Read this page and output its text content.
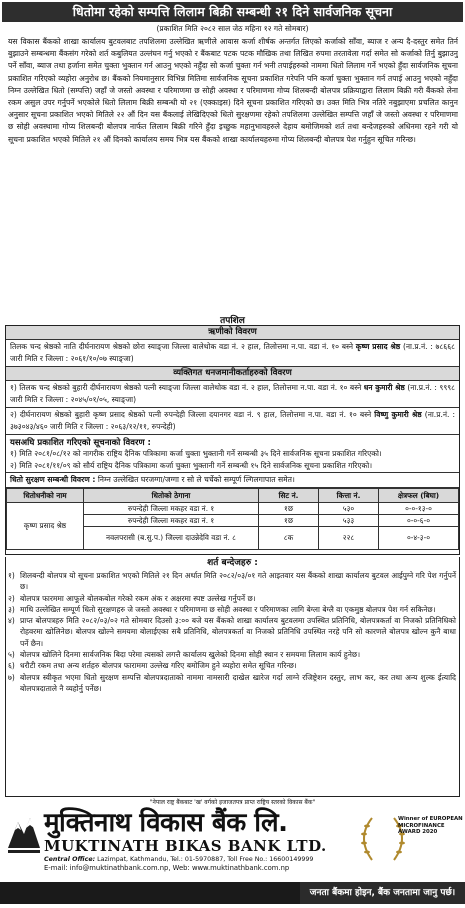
धितोमा रहेको सम्पत्ति लिलाम बिक्री सम्बन्धी २१ दिने सार्वजनिक सूचना
(प्रकाशित मिति २०८२ साल जेठ महिना १२ गते सोमबार)
यस विकास बैंकको शाखा कार्यालय बुटवलबाट तपशिलमा उल्लेखित ऋणीले आवास कर्जा शीर्षक अन्तर्गत लिएको कर्जाको साँवा, ब्याज र अन्य दै-दस्तुर समेत तिर्न बुझाउने सम्बन्धमा बैंकसंग गरेको शर्त कबुलियत उल्लंघन गर्नु भएको र बैंकबाट पटक पटक मौखिक तथा लिखित रुपमा तरतावेला गर्दा समेत सो कर्जाको तिर्नु बुझाउनु पर्ने साँवा, ब्याज तथा हर्जाना समेत चुक्ता भुक्तान गर्न आउनु भएको नहुँदा सो कर्जा चुक्ता गर्न भनी तपाईहरुको नाममा धितो लिलाम गर्ने भएको हुँदा सार्वजनिक सूचना प्रकाशित गरिएको व्यहोरा अनुरोध छ। बैंकको नियमानुसार विभिन्न मितिमा सार्वजनिक सूचना प्रकाशित गरेपनि पनि कर्जा चुक्ता भुक्तान गर्न तपाई आउनु भएको नहुँदा निम्न उल्लेखित धितो (सम्पत्ति) जहाँ जे जस्तो अवस्था र परिमाणमा छ सोही अवस्था र परिमाणमा गोप्य शिलबन्दी बोलपत्र प्रक्रियाद्वारा लिलाम बिक्री गरी बैंकको लेना रकम असुल उपर गर्नुपर्ने भएकोले धितो लिलाम बिक्री सम्बन्धी यो २१ (एक्काइस) दिने सूचना प्रकाशित गरिएको छ। उक्त मिति भित्र नतिरे नबुझाएमा प्रचलित कानुन अनुसार सूचना प्रकाशित भएको मितिले २२ औं दिन यस बैंकलाई लेखिदिएको धितो सुरक्षणमा रहेको तपशिलमा उल्लेखित सम्पत्ति जहाँ जे जस्तो अवस्था र परिमाणमा छ सोही अवस्थामा गोप्य शिलबन्दी बोलपत्र नार्फत लिलाम बिक्री गरिने हुँदा इच्छुक महानुभावहरुले देहाय बमोजिमको शर्त तथा बन्देजहरुको अधिनमा रहने गरी यो सूचना प्रकाशित भएको मितिले २१ औं दिनको कार्यालय समय भित्र यस बैंकको शाखा कार्यालयहरुमा गोप्य शिलबन्दी बोलपत्र पेश गर्नुहुन सूचित गरिन्छ।
तपशिल
ऋणीको विवरण
तिलक चन्द श्रेष्ठको नाति दीर्घनारायण श्रेष्ठको छोरा स्याङ्जा जिल्ला वालेथोक वडा नं. २ हाल, तिलोत्तमा न.पा. वडा नं. १० बस्ने कृष्ण प्रसाद श्रेष्ठ (ना.प्र.नं. : ७८६६८ जारी मिति र जिल्ला : २०६१/१०/०७ स्याङ्जा)
व्यक्तिगत धनजमानीकर्ताहरुको विवरण
१) तिलक चन्द श्रेष्ठको बुहारी दीर्घनारायण श्रेष्ठको पत्नी स्याङ्जा जिल्ला वालेथोक वडा नं. २ हाल, तिलोत्तमा न.पा. वडा नं. १० बस्ने धन कुमारी श्रेष्ठ (ना.प्र.नं. : ९९९८ जारी मिति र जिल्ला : २०४५/०१/०५, स्याङ्जा)
२) दीर्घनारायण श्रेष्ठको बुहारी कृष्ण प्रसाद श्रेष्ठको पत्नी रुपन्देही जिल्ला दयानगर वडा नं. ९ हाल, तिलोत्तमा न.पा. वडा नं. १० बस्ने विष्णु कुमारी श्रेष्ठ (ना.प्र.नं. : ३७३०४३/४६० जारी मिति र जिल्ला : २०६३/१२/११, रुपन्देही)
यसअघि प्रकाशित गरिएको सूचनाको विवरण :
१) मिति २०८१/०८/१२ को नागरीक राष्ट्रिय दैनिक पत्रिकामा कर्जा चुक्ता भुक्तानी गर्ने सम्बन्धी ३५ दिने सार्वजनिक सूचना प्रकाशित गरिएको।
२) मिति २०८१/११/०९ को सौर्य राष्ट्रिय दैनिक पत्रिकामा कर्जा चुक्ता भुक्तानी गर्ने सम्बन्धी १५ दिने सार्वजनिक सूचना प्रकाशित गरिएको।
धितो सुरक्षण सम्बन्धी विवरण : निम्न उल्लेखित घरजग्गा/जग्गा र सो ले चर्चेको सम्पूर्ण ल्गिलगापात समेत।
धितोधनीको नाम	धितोको ठेगाना	सिट नं.	कित्ता नं.	क्षेत्रफल (बिघा)
कृष्ण प्रसाद श्रेष्ठ	रुपन्देही जिल्ला मकहर वडा नं. १	१छ	५३०	०-०-१३-०
	रुपन्देही जिल्ला मकहर वडा नं. १	१छ	५३३	०-०-६-०
	नवलपरासी (ब.सु.प.) जिल्ला दाउन्नेदेवि वडा नं. ८	८क	२२८	०-४-३-०
शर्त बन्देजहरु :
१) शिलबन्दी बोलपत्र यो सूचना प्रकाशित भएको मितिले २१ दिन अर्थात मिति २०८२/०३/०१ गते आइतवार यस बैंकको शाखा कार्यालय बुटवल आईपुग्ने गरि पेश गर्नुपर्ने छ।
२) बोलपत्र फारममा आफूले बोलकबोल गरेको रकम अंक र अक्षरमा स्पष्ट उल्लेख गर्नुपर्ने छ।
३) माथि उल्लेखित सम्पूर्ण धितो सुरक्षणहरु जे जस्तो अवस्था र परिमाणमा छ सोही अवस्था र परिमाणका लागि बेग्ला बेग्लै वा एकमुष्ठ बोलपत्र पेश गर्न सकिनेछ।
४) प्राप्त बोलपत्रहरु मिति २०८२/०३/०२ गते सोमबार दिउसो ३:०० बजे यस बैंकको शाखा कार्यालय बुटवलमा उपस्थित प्रतिनिधि, बोलपत्रकर्ता वा निजको प्रतिनिधिको रोहवरमा खोलिनेछ। बोलपत्र खोल्ने समयमा बोलाईएका सबै प्रतिनिधि, बोलपत्रकर्ता वा निजको प्रतिनिधि उपस्थित नरहे पनि सो कारणले बोलपत्र खोल्न कुनै बाधा पर्ने छैन।
५) बोलपत्र खोलिने दिनमा सार्वजनिक बिदा परेमा त्यसको लगत्तै कार्यालय खुलेको दिनमा सोही स्थान र समयमा लिलाम कार्य हुनेछ।
६) धरौटी रकम तथा अन्य शर्तहरु बोलपत्र फाराममा उल्लेख गरिए बमोजिम हुने व्यहोरा समेत सूचित गरिन्छ।
७) बोलपत्र स्वीकृत भएमा धितो सुरक्षण सम्पत्ति बोलपत्रदाताको नाममा नामसारी दाखेल खारेज गर्दा लाग्ने रजिष्ट्रेशन दस्तुर, लाभ कर, कर तथा अन्य शुल्क ईत्यादि बोलपत्रदाताले नै व्यहोर्नु पर्नेछ।
"नेपाल राष्ट्र बैंकबाट 'ख' वर्गको इजाजतपत्र प्राप्त राष्ट्रिय स्तरको विकास बैंक"
मुक्तिनाथ विकास बैंक लि.
MUKTINATH BIKAS BANK LTD.
Central Office: Lazimpat, Kathmandu, Tel.: 01-5970887, Toll Free No.: 16600149999
E-mail: info@muktinathbank.com.np, Web: www.muktinathbank.com.np
Winner of EUROPEAN MICROFINANCE AWARD 2020
जनता बैंकमा होइन, बैंक जनतामा जानु पर्छ।
